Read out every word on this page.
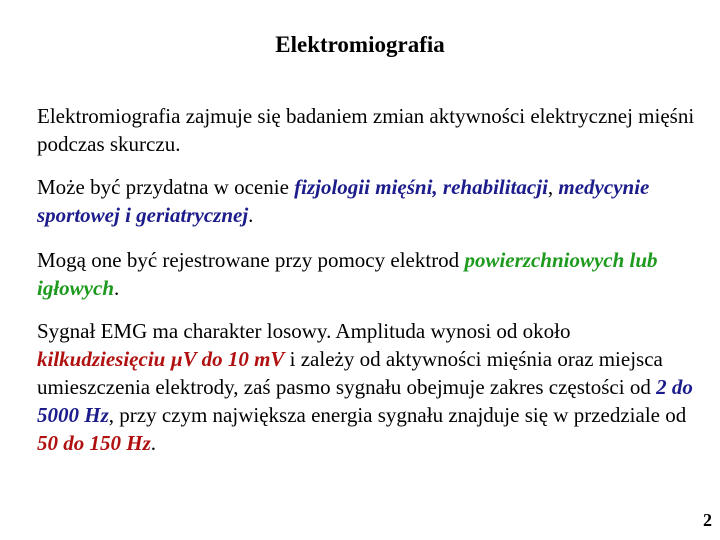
Elektromiografia
Elektromiografia zajmuje się badaniem zmian aktywności elektrycznej mięśni podczas skurczu.
Może być przydatna w ocenie fizjologii mięśni, rehabilitacji, medycynie sportowej i geriatrycznej.
Mogą one być rejestrowane przy pomocy elektrod powierzchniowych lub igłowych.
Sygnał EMG ma charakter losowy. Amplituda wynosi od około kilkudziesięciu µV do 10 mV i zależy od aktywności mięśnia oraz miejsca umieszczenia elektrody, zaś pasmo sygnału obejmuje zakres częstości od 2 do 5000 Hz, przy czym największa energia sygnału znajduje się w przedziale od 50 do 150 Hz.
2
